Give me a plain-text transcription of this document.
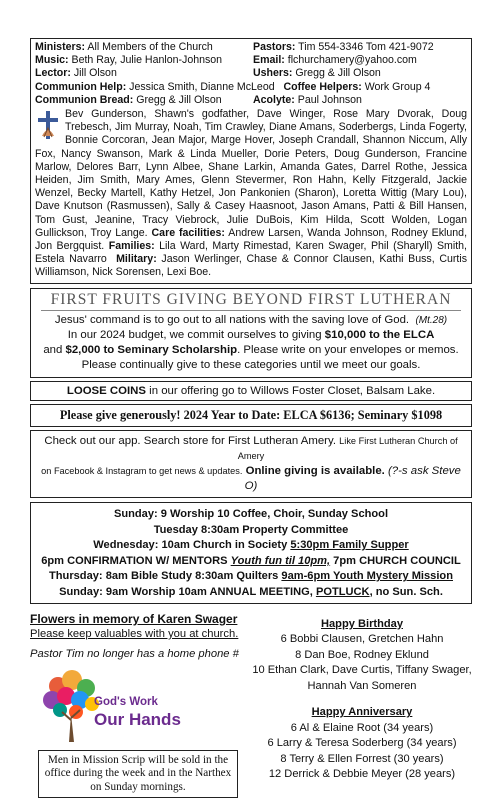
Ministers: All Members of the Church	Pastors: Tim 554-3346 Tom 421-9072
Music: Beth Ray, Julie Hanlon-Johnson	Email: flchurchamery@yahoo.com
Lector: Jill Olson	Ushers: Gregg & Jill Olson
Communion Help: Jessica Smith, Dianne McLeod Coffee Helpers: Work Group 4
Communion Bread: Gregg & Jill Olson	Acolyte: Paul Johnson
Bev Gunderson, Shawn's godfather, Dave Winger, Rose Mary Dvorak, Doug Trebesch, Jim Murray, Noah, Tim Crawley, Diane Amans, Soderbergs, Linda Fogerty, Bonnie Corcoran, Jean Major, Marge Hover, Joseph Crandall, Shannon Niccum, Ally Fox, Nancy Swanson, Mark & Linda Mueller, Dorie Peters, Doug Gunderson, Francine Marlow, Delores Barr, Lynn Albee, Shane Larkin, Amanda Gates, Darrel Rothe, Jessica Heiden, Jim Smith, Mary Ames, Glenn Stevermer, Ron Hahn, Kelly Fitzgerald, Jackie Wenzel, Becky Martell, Kathy Hetzel, Jon Pankonien (Sharon), Loretta Wittig (Mary Lou), Dave Knutson (Rasmussen), Sally & Casey Haasnoot, Jason Amans, Patti & Bill Hansen, Tom Gust, Jeanine, Tracy Viebrock, Julie DuBois, Kim Hilda, Scott Wolden, Logan Gullickson, Troy Lange. Care facilities: Andrew Larsen, Wanda Johnson, Rodney Eklund, Jon Bergquist. Families: Lila Ward, Marty Rimestad, Karen Swager, Phil (Sharyll) Smith, Estela Navarro Military: Jason Werlinger, Chase & Connor Clausen, Kathi Buss, Curtis Williamson, Nick Sorensen, Lexi Boe.
FIRST FRUITS GIVING BEYOND FIRST LUTHERAN

Jesus' command is to go out to all nations with the saving love of God. (Mt.28)

In our 2024 budget, we commit ourselves to giving $10,000 to the ELCA

and $2,000 to Seminary Scholarship. Please write on your envelopes or memos.

Please continually give to these categories until we meet our goals.

LOOSE COINS in our offering go to Willows Foster Closet, Balsam Lake.
Please give generously! 2024 Year to Date: ELCA $6136; Seminary $1098
Check out our app. Search store for First Lutheran Amery. Like First Lutheran Church of Amery
on Facebook & Instagram to get news & updates. Online giving is available. (?-s ask Steve O)
Sunday: 9 Worship 10 Coffee, Choir, Sunday School
Tuesday 8:30am Property Committee
Wednesday: 10am Church in Society 5:30pm Family Supper
6pm CONFIRMATION W/ MENTORS Youth fun til 10pm, 7pm CHURCH COUNCIL
Thursday: 8am Bible Study 8:30am Quilters 9am-6pm Youth Mystery Mission
Sunday: 9am Worship 10am ANNUAL MEETING, POTLUCK, no Sun. Sch.
Flowers in memory of Karen Swager
Please keep valuables with you at church.
Pastor Tim no longer has a home phone #
God's Work
Our Hands
Men in Mission Scrip will be sold in the office during the week and in the Narthex on Sunday mornings.
Happy Birthday
6 Bobbi Clausen, Gretchen Hahn
8 Dan Boe, Rodney Eklund
10 Ethan Clark, Dave Curtis, Tiffany Swager,
Hannah Van Someren
Happy Anniversary
6 Al & Elaine Root (34 years)
6 Larry & Teresa Soderberg (34 years)
8 Terry & Ellen Forrest (30 years)
12 Derrick & Debbie Meyer (28 years)
